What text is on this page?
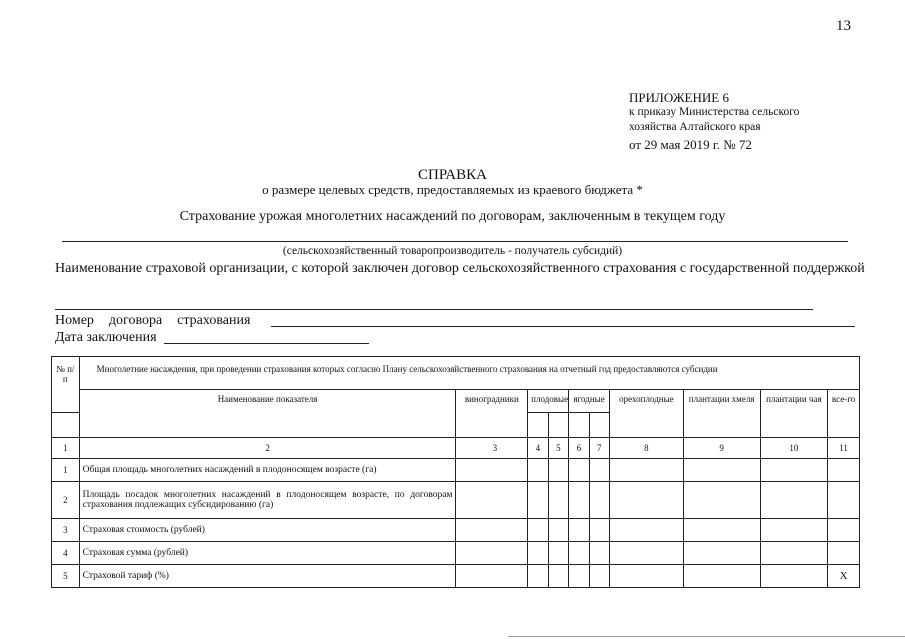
13
ПРИЛОЖЕНИЕ 6
к приказу Министерства сельского
хозяйства Алтайского края
от 29 мая 2019 г. № 72
СПРАВКА
о размере целевых средств, предоставляемых из краевого бюджета *
Страхование урожая многолетних насаждений по договорам, заключенным в текущем году
(сельскохозяйственный товаропроизводитель - получатель субсидий)
Наименование страховой организации, с которой заключен договор сельскохозяйственного страхования с государственной поддержкой
Номер договора страхования
Дата заключения
№ п/п	Многолетние насаждения, при проведении страхования которых согласно Плану сельскохозяйственного страхования на отчетный год предоставляются субсидии									
	Наименование показателя	виноградники	плодовые		ягодные		орехоплодные	плантации хмеля	плантации чая	все-го

1	2	3	4	5	6	7	8	9	10	11
1	Общая площадь многолетних насаждений в плодоносящем возрасте (га)									
2	Площадь посадок многолетних насаждений в плодоносящем возрасте, по договорам страхования подлежащих субсидированию (га)									
3	Страховая стоимость (рублей)									
4	Страховая сумма (рублей)									
5	Страховой тариф (%)									Х
